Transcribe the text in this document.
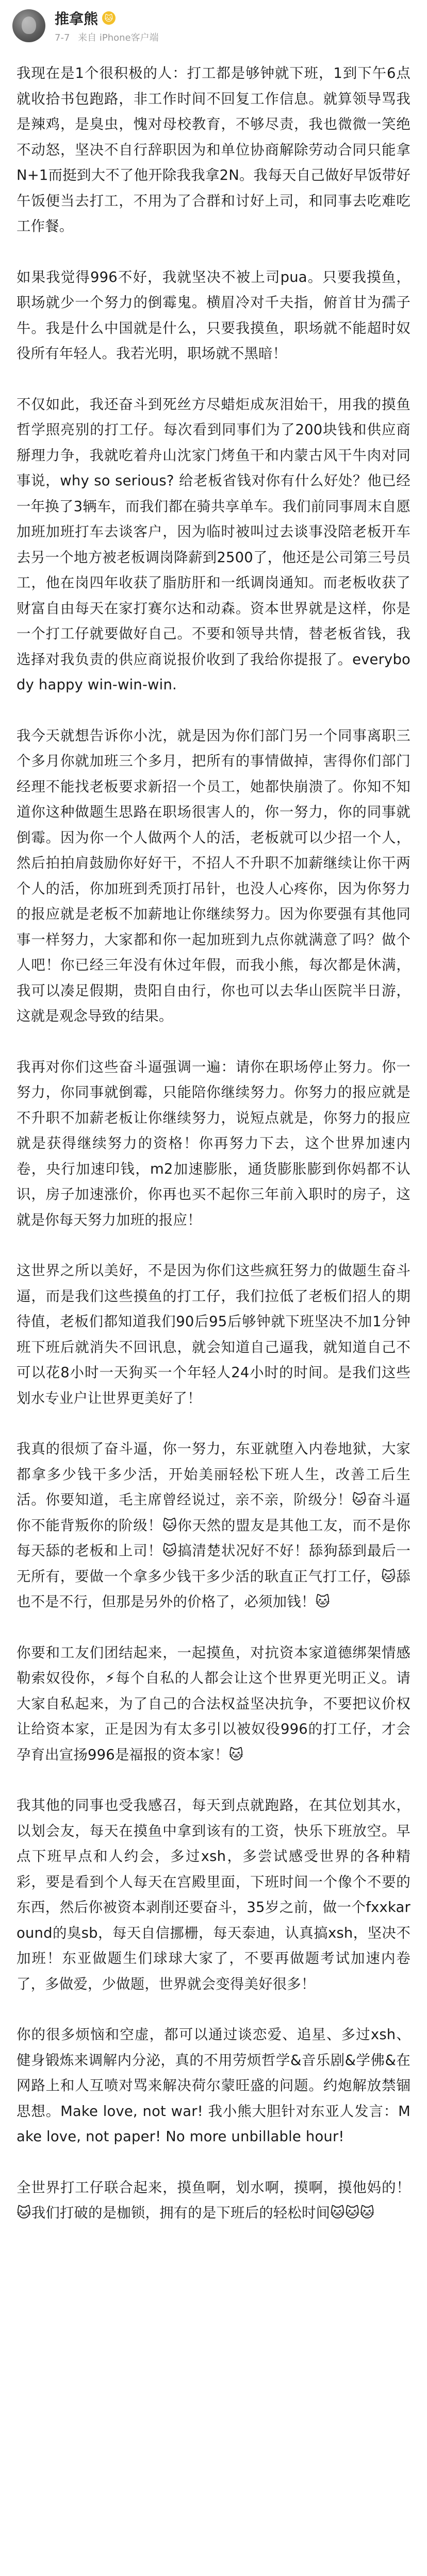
推拿熊 🐱
7-7 来自 iPhone客户端

我现在是1个很积极的人：打工都是够钟就下班，1到下午6点就收拾书包跑路，非工作时间不回复工作信息。就算领导骂我是辣鸡，是臭虫，愧对母校教育，不够尽责，我也微微一笑绝不动怒，坚决不自行辞职因为和单位协商解除劳动合同只能拿N+1而挺到大不了他开除我我拿2N。我每天自己做好早饭带好午饭便当去打工，不用为了合群和讨好上司，和同事去吃难吃工作餐。

如果我觉得996不好，我就坚决不被上司pua。只要我摸鱼，职场就少一个努力的倒霉鬼。横眉冷对千夫指，俯首甘为孺子牛。我是什么中国就是什么，只要我摸鱼，职场就不能超时奴役所有年轻人。我若光明，职场就不黑暗！

不仅如此，我还奋斗到死丝方尽蜡炬成灰泪始干，用我的摸鱼哲学照亮别的打工仔。每次看到同事们为了200块钱和供应商掰理力争，我就吃着舟山沈家门烤鱼干和内蒙古风干牛肉对同事说，why so serious? 给老板省钱对你有什么好处？他已经一年换了3辆车，而我们都在骑共享单车。我们前同事周末自愿加班加班打车去谈客户，因为临时被叫过去谈事没陪老板开车去另一个地方被老板调岗降薪到2500了，他还是公司第三号员工，他在岗四年收获了脂肪肝和一纸调岗通知。而老板收获了财富自由每天在家打赛尔达和动森。资本世界就是这样，你是一个打工仔就要做好自己。不要和领导共情，替老板省钱，我选择对我负责的供应商说报价收到了我给你提报了。everybody happy win-win-win.

我今天就想告诉你小沈，就是因为你们部门另一个同事离职三个多月你就加班三个多月，把所有的事情做掉，害得你们部门经理不能找老板要求新招一个员工，她都快崩溃了。你知不知道你这种做题生思路在职场很害人的，你一努力，你的同事就倒霉。因为你一个人做两个人的活，老板就可以少招一个人，然后拍拍肩鼓励你好好干，不招人不升职不加薪继续让你干两个人的活，你加班到秃顶打吊针，也没人心疼你，因为你努力的报应就是老板不加薪地让你继续努力。因为你要强有其他同事一样努力，大家都和你一起加班到九点你就满意了吗？做个人吧！你已经三年没有休过年假，而我小熊，每次都是休满，我可以凑足假期，贵阳自由行，你也可以去华山医院半日游，这就是观念导致的结果。

我再对你们这些奋斗逼强调一遍：请你在职场停止努力。你一努力，你同事就倒霉，只能陪你继续努力。你努力的报应就是不升职不加薪老板让你继续努力，说短点就是，你努力的报应就是获得继续努力的资格！你再努力下去，这个世界加速内卷，央行加速印钱，m2加速膨胀，通货膨胀膨到你妈都不认识，房子加速涨价，你再也买不起你三年前入职时的房子，这就是你每天努力加班的报应！

这世界之所以美好，不是因为你们这些疯狂努力的做题生奋斗逼，而是我们这些摸鱼的打工仔，我们拉低了老板们招人的期待值，老板们都知道我们90后95后够钟就下班坚决不加1分钟班下班后就消失不回讯息，就会知道自己逼我，就知道自己不可以花8小时一天狗买一个年轻人24小时的时间。是我们这些划水专业户让世界更美好了！

我真的很烦了奋斗逼，你一努力，东亚就堕入内卷地狱，大家都拿多少钱干多少活，开始美丽轻松下班人生，改善工后生活。你要知道，毛主席曾经说过，亲不亲，阶级分！🐱奋斗逼你不能背叛你的阶级！🐱你天然的盟友是其他工友，而不是你每天舔的老板和上司！🐱搞清楚状况好不好！舔狗舔到最后一无所有，要做一个拿多少钱干多少活的耿直正气打工仔，🐱舔也不是不行，但那是另外的价格了，必须加钱！🐱

你要和工友们团结起来，一起摸鱼，对抗资本家道德绑架情感勒索奴役你，⚡每个自私的人都会让这个世界更光明正义。请大家自私起来，为了自己的合法权益坚决抗争，不要把议价权让给资本家，正是因为有太多引以被奴役996的打工仔，才会孕育出宣扬996是福报的资本家！🐱

我其他的同事也受我感召，每天到点就跑路，在其位划其水，以划会友，每天在摸鱼中拿到该有的工资，快乐下班放空。早点下班早点和人约会，多过xsh，多尝试感受世界的各种精彩，要是看到个人每天在宫殿里面，下班时间一个像个不要的东西，然后你被资本剥削还要奋斗，35岁之前，做一个fxxkaround的臭sb，每天自信挪栅，每天泰迪，认真搞xsh，坚决不加班！东亚做题生们球球大家了，不要再做题考试加速内卷了，多做爱，少做题，世界就会变得美好很多！

你的很多烦恼和空虚，都可以通过谈恋爱、追星、多过xsh、健身锻炼来调解内分泌，真的不用劳烦哲学&音乐剧&学佛&在网路上和人互喷对骂来解决荷尔蒙旺盛的问题。约炮解放禁锢思想。Make love, not war! 我小熊大胆针对东亚人发言：Make love, not paper! No more unbillable hour!

全世界打工仔联合起来，摸鱼啊，划水啊，摸啊，摸他妈的！🐱我们打破的是枷锁，拥有的是下班后的轻松时间🐱🐱🐱
